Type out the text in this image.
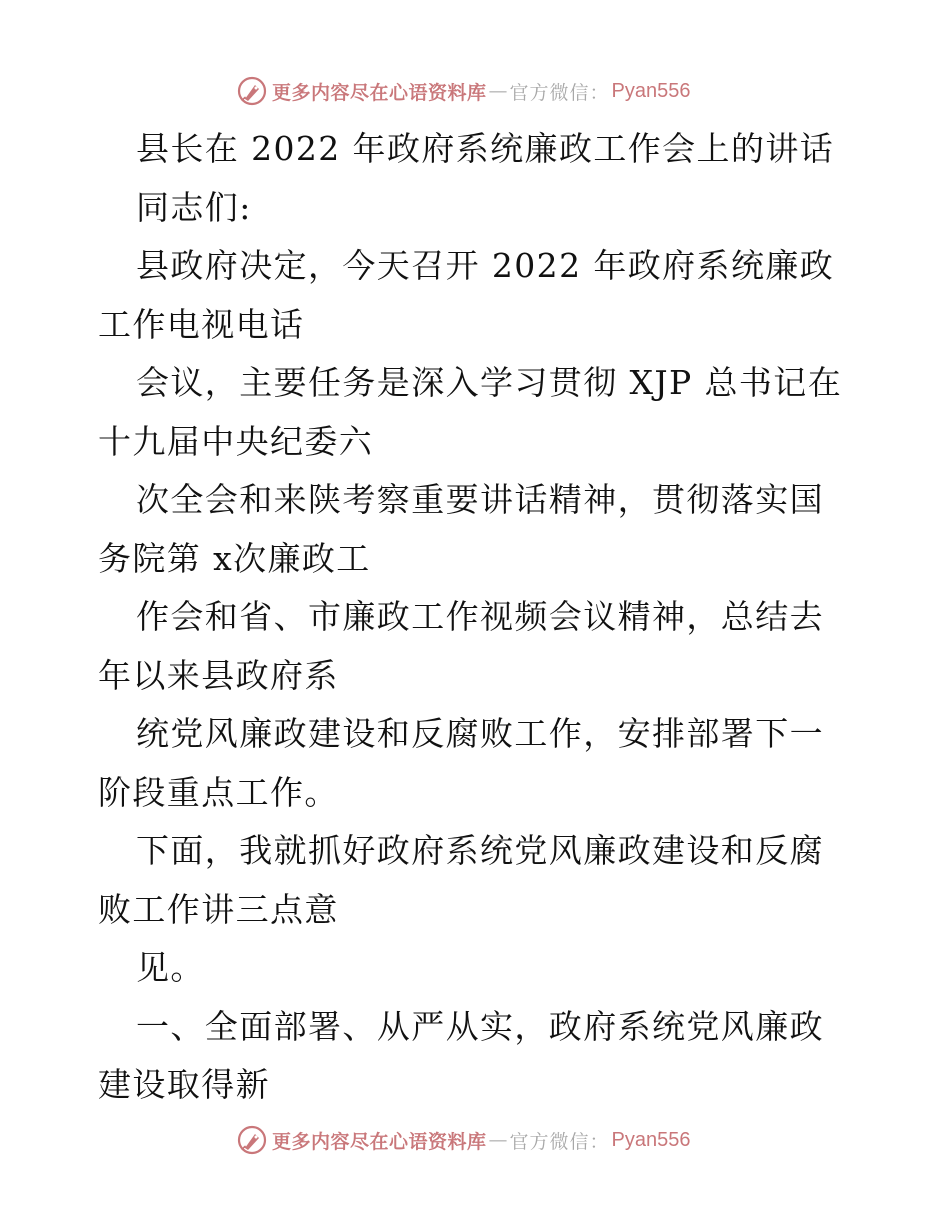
更多内容尽在心语资料库 — 官方微信： Pyan556

县长在 2022 年政府系统廉政工作会上的讲话

同志们:

县政府决定，今天召开 2022 年政府系统廉政工作电视电话

会议，主要任务是深入学习贯彻 XJP 总书记在十九届中央纪委六

次全会和来陕考察重要讲话精神，贯彻落实国务院第 x次廉政工

作会和省、市廉政工作视频会议精神，总结去年以来县政府系

统党风廉政建设和反腐败工作，安排部署下一阶段重点工作。

下面，我就抓好政府系统党风廉政建设和反腐败工作讲三点意

见。

一、全面部署、从严从实，政府系统党风廉政建设取得新

更多内容尽在心语资料库 — 官方微信： Pyan556
